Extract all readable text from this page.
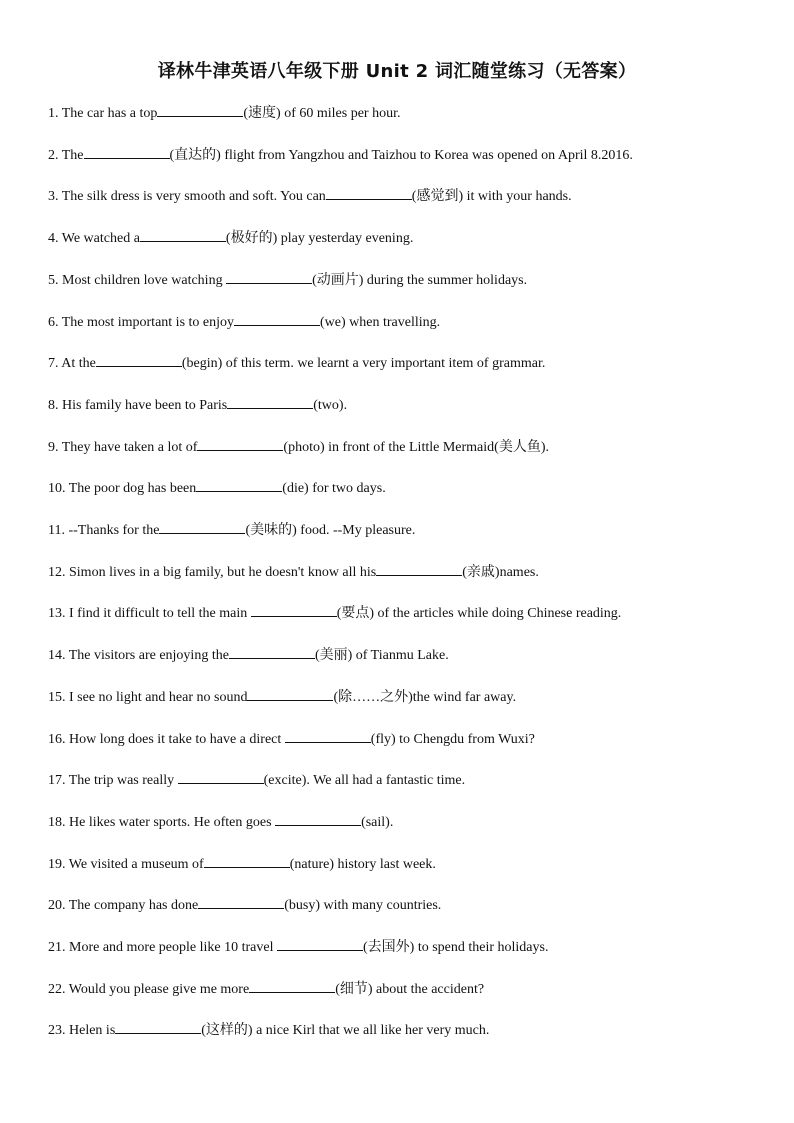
译林牛津英语八年级下册 Unit 2 词汇随堂练习（无答案）
1. The car has a top	(速度) of 60 miles per hour.
2. The	(直达的) flight from Yangzhou and Taizhou to Korea was opened on April 8.2016.
3. The silk dress is very smooth and soft. You can	(感觉到) it with your hands.
4. We watched a	(极好的) play yesterday evening.
5. Most children love watching	(动画片) during the summer holidays.
6. The most important is to enjoy	(we) when travelling.
7. At the	(begin) of this term. we learnt a very important item of grammar.
8. His family have been to Paris	(two).
9. They have taken a lot of	(photo) in front of the Little Mermaid(美人鱼).
10. The poor dog has been	(die) for two days.
11. --Thanks for the	(美味的) food. --My pleasure.
12. Simon lives in a big family, but he doesn't know all his	(亲戚)names.
13. I find it difficult to tell the main	(要点) of the articles while doing Chinese reading.
14. The visitors are enjoying the	(美丽) of Tianmu Lake.
15. I see no light and hear no sound	(除……之外)the wind far away.
16. How long does it take to have a direct	(fly) to Chengdu from Wuxi?
17. The trip was really	(excite). We all had a fantastic time.
18. He likes water sports. He often goes	(sail).
19. We visited a museum of	(nature) history last week.
20. The company has done	(busy) with many countries.
21. More and more people like 10 travel	(去国外) to spend their holidays.
22. Would you please give me more	(细节) about the accident?
23. Helen is	(这样的) a nice Kirl that we all like her very much.
